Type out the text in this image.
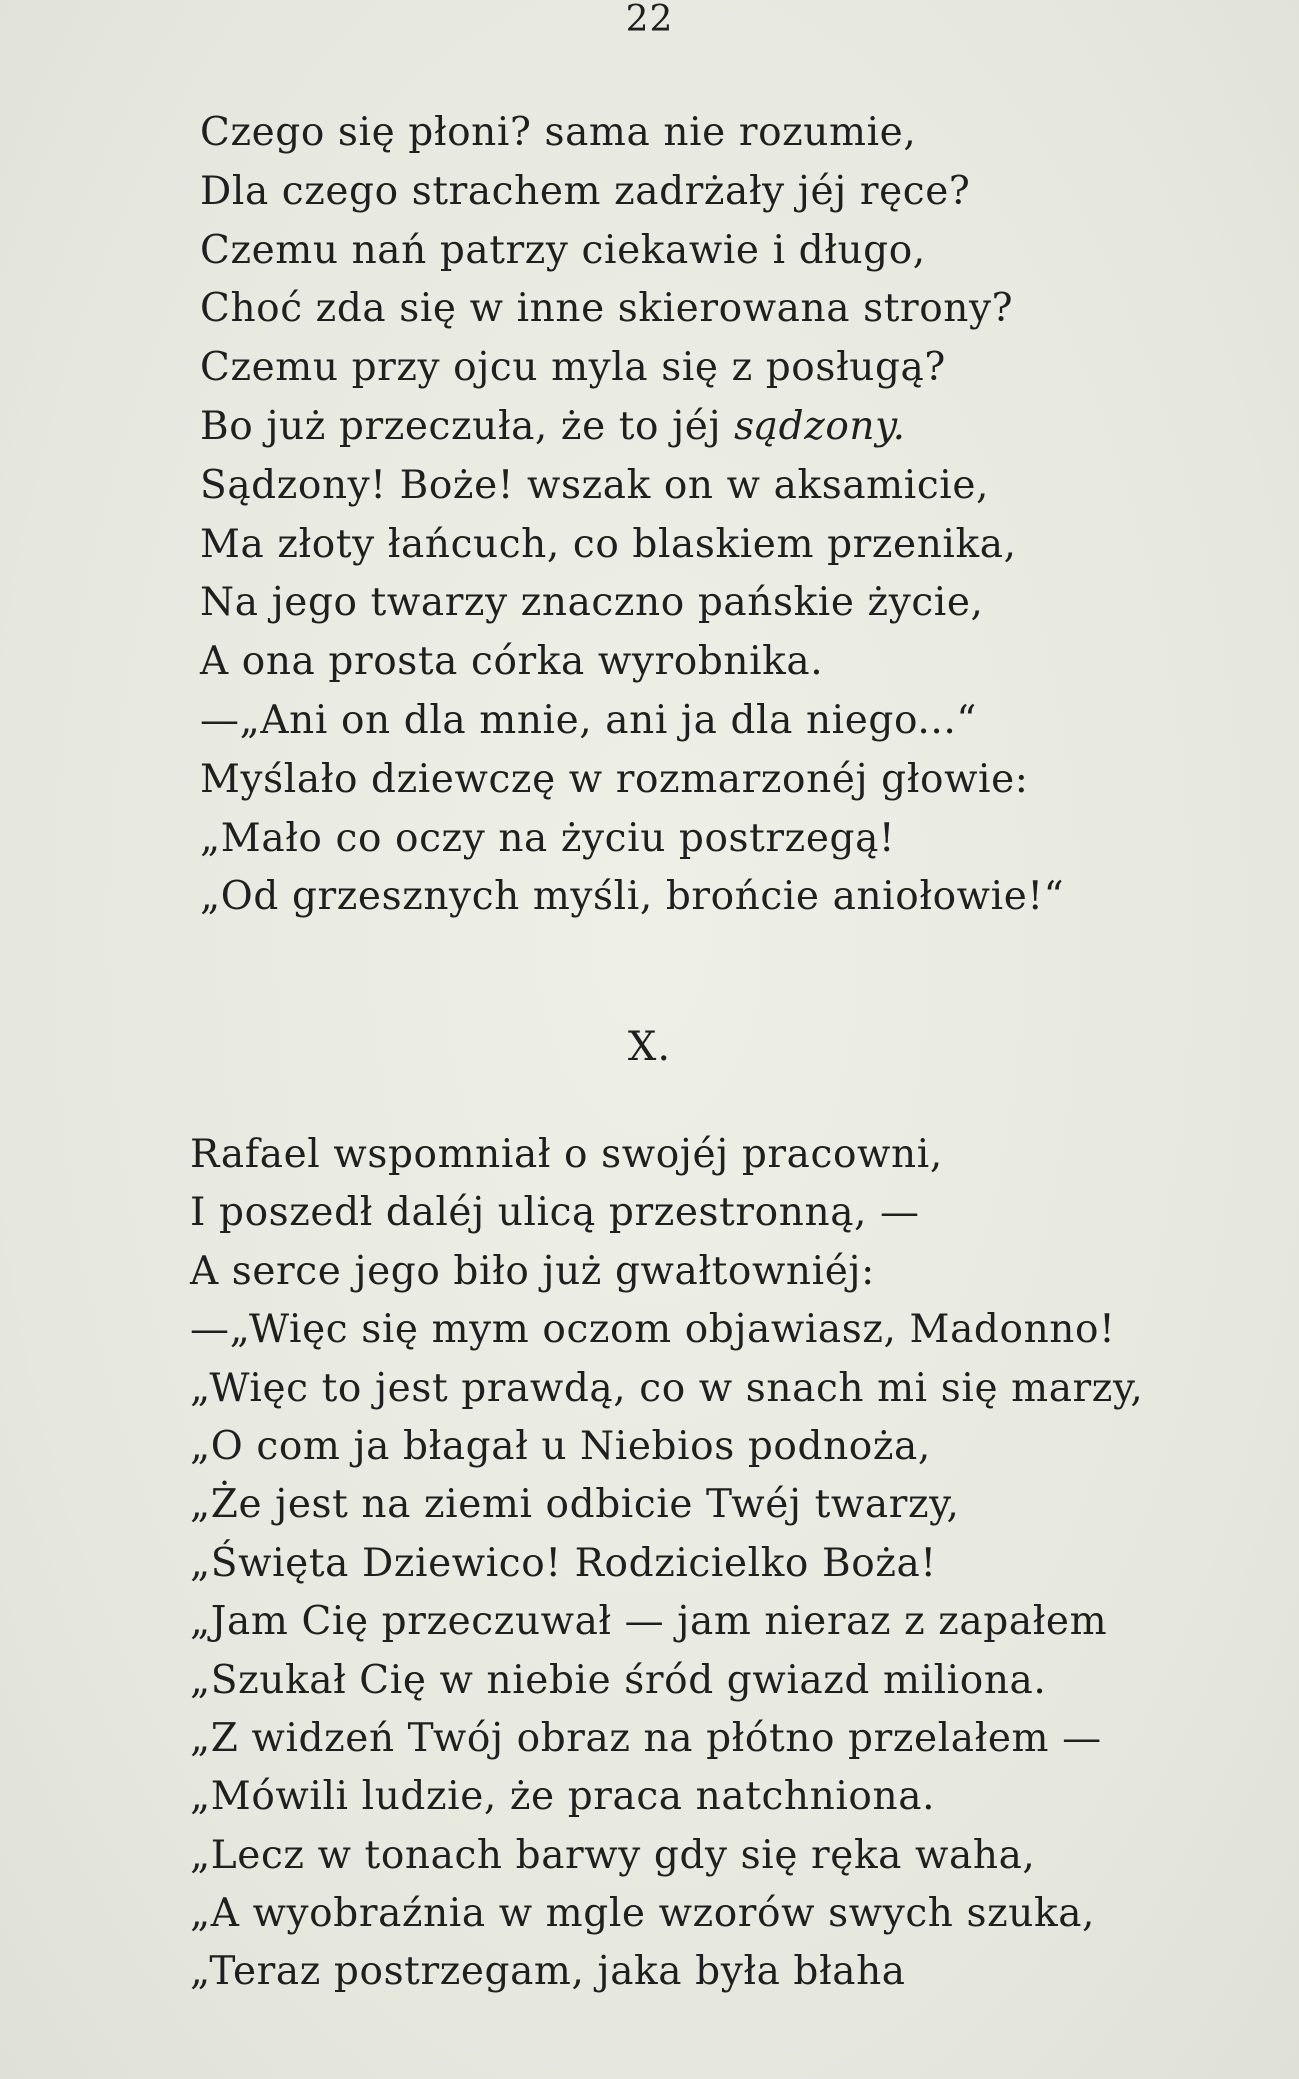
22
Czego się płoni? sama nie rozumie,
Dla czego strachem zadrżały jéj ręce?
Czemu nań patrzy ciekawie i długo,
Choć zda się w inne skierowana strony?
Czemu przy ojcu myla się z posługą?
Bo już przeczuła, że to jéj sądzony.
Sądzony! Boże! wszak on w aksamicie,
Ma złoty łańcuch, co blaskiem przenika,
Na jego twarzy znaczno pańskie życie,
A ona prosta córka wyrobnika.
—„Ani on dla mnie, ani ja dla niego...“
Myślało dziewczę w rozmarzonéj głowie:
„Mało co oczy na życiu postrzegą!
„Od grzesznych myśli, brońcie aniołowie!“
X.
Rafael wspomniał o swojéj pracowni,
I poszedł daléj ulicą przestronną, —
A serce jego biło już gwałtowniéj:
—„Więc się mym oczom objawiasz, Madonno!
„Więc to jest prawdą, co w snach mi się marzy,
„O com ja błagał u Niebios podnoża,
„Że jest na ziemi odbicie Twéj twarzy,
„Święta Dziewico! Rodzicielko Boża!
„Jam Cię przeczuwał — jam nieraz z zapałem
„Szukał Cię w niebie śród gwiazd miliona.
„Z widzeń Twój obraz na płótno przelałem —
„Mówili ludzie, że praca natchniona.
„Lecz w tonach barwy gdy się ręka waha,
„A wyobraźnia w mgle wzorów swych szuka,
„Teraz postrzegam, jaka była błaha
